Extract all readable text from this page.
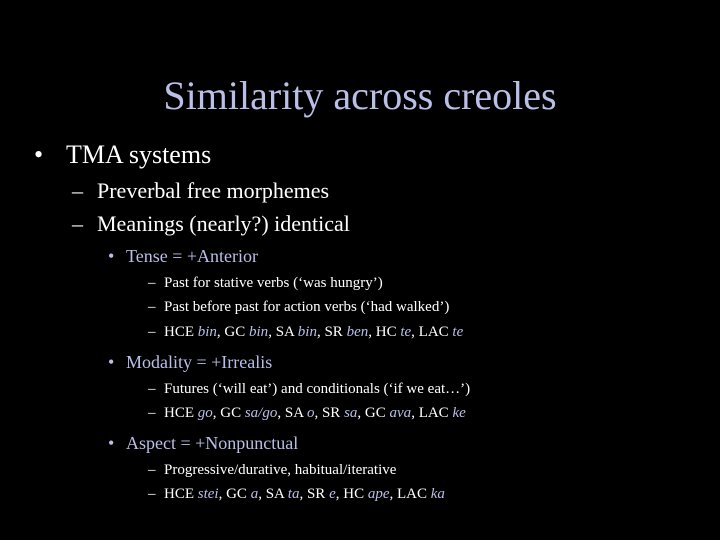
Similarity across creoles
• TMA systems
– Preverbal free morphemes
– Meanings (nearly?) identical
• Tense = +Anterior
– Past for stative verbs (‘was hungry’)
– Past before past for action verbs (‘had walked’)
– HCE bin, GC bin, SA bin, SR ben, HC te, LAC te
• Modality = +Irrealis
– Futures (‘will eat’) and conditionals (‘if we eat…’)
– HCE go, GC sa/go, SA o, SR sa, GC ava, LAC ke
• Aspect = +Nonpunctual
– Progressive/durative, habitual/iterative
– HCE stei, GC a, SA ta, SR e, HC ape, LAC ka
